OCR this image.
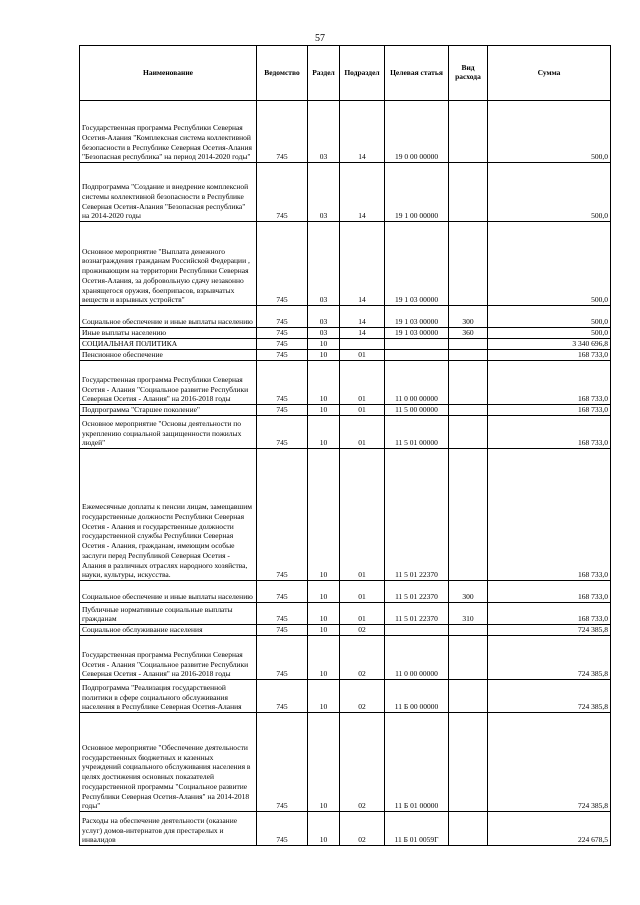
57
Наименование	Ведомство	Раздел	Подраздел	Целевая статья	Вид расхода	Сумма
Государственная программа Республики Северная Осетия-Алания "Комплексная система коллективной безопасности в Республике Северная Осетия-Алания "Безопасная республика" на период 2014-2020 годы"	745	03	14	19 0 00 00000		500,0
Подпрограмма "Создание и внедрение комплексной системы коллективной безопасности в Республике Северная Осетия-Алания "Безопасная республика" на 2014-2020 годы	745	03	14	19 1 00 00000		500,0
Основное мероприятие "Выплата денежного вознаграждения гражданам Российской Федерации , проживающим на территории Республики Северная Осетия-Алания, за добровольную сдачу незаконно хранящегося оружия, боеприпасов, взрывчатых веществ и взрывных устройств"	745	03	14	19 1 03 00000		500,0
Социальное обеспечение и иные выплаты населению	745	03	14	19 1 03 00000	300	500,0
Иные выплаты населению	745	03	14	19 1 03 00000	360	500,0
СОЦИАЛЬНАЯ ПОЛИТИКА	745	10				3 340 696,8
Пенсионное обеспечение	745	10	01			168 733,0
Государственная программа Республики Северная Осетия - Алания "Социальное развитие Республики Северная Осетия - Алания" на 2016-2018 годы	745	10	01	11 0 00 00000		168 733,0
Подпрограмма "Старшее поколение"	745	10	01	11 5 00 00000		168 733,0
Основное мероприятие "Основы деятельности по укреплению социальной защищенности пожилых людей"	745	10	01	11 5 01 00000		168 733,0
Ежемесячные доплаты к пенсии лицам, замещавшим государственные должности Республики Северная Осетия - Алания и государственные должности государственной службы Республики Северная Осетия - Алания, гражданам, имеющим особые заслуги перед Республикой Северная Осетия - Алания в различных отраслях народного хозяйства, науки, культуры, искусства.	745	10	01	11 5 01 22370		168 733,0
Социальное обеспечение и иные выплаты населению	745	10	01	11 5 01 22370	300	168 733,0
Публичные нормативные социальные выплаты гражданам	745	10	01	11 5 01 22370	310	168 733,0
Социальное обслуживание населения	745	10	02			724 385,8
Государственная программа Республики Северная Осетия - Алания "Социальное развитие Республики Северная Осетия - Алания" на 2016-2018 годы	745	10	02	11 0 00 00000		724 385,8
Подпрограмма "Реализация государственной политики в сфере социального обслуживания населения в Республике Северная Осетия-Алания	745	10	02	11 Б 00 00000		724 385,8
Основное мероприятие "Обеспечение деятельности государственных бюджетных и казенных учреждений социального обслуживания населения в целях достижения основных показателей государственной программы "Социальное развитие Республики Северная Осетия-Алания" на 2014-2018 годы"	745	10	02	11 Б 01 00000		724 385,8
Расходы на обеспечение деятельности (оказание услуг) домов-интернатов для престарелых и инвалидов	745	10	02	11 Б 01 0059Г		224 678,5
